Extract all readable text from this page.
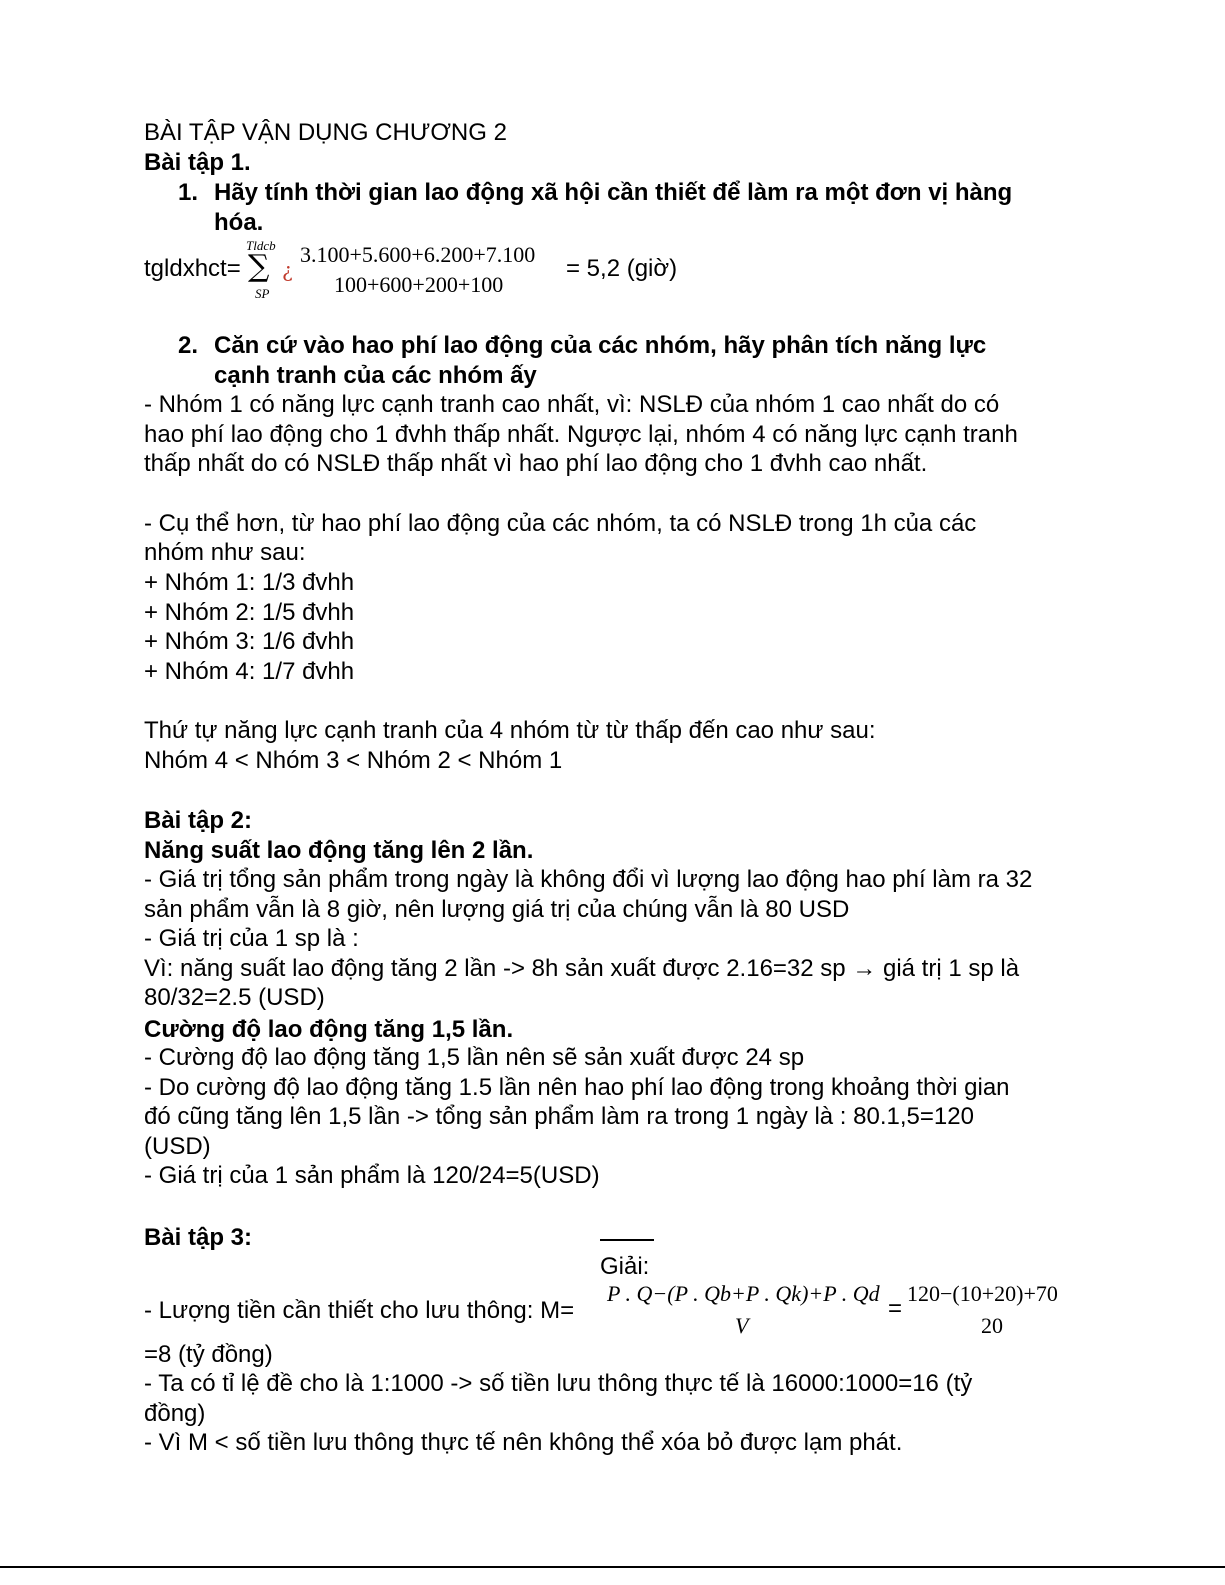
BÀI TẬP VẬN DỤNG CHƯƠNG 2
Bài tập 1.
1. Hãy tính thời gian lao động xã hội cần thiết để làm ra một đơn vị hàng
hóa.
tgldxhct=
Tldcb
∑
SP
¿
3.100+5.600+6.200+7.100
100+600+200+100
= 5,2 (giờ)
2. Căn cứ vào hao phí lao động của các nhóm, hãy phân tích năng lực
cạnh tranh của các nhóm ấy
- Nhóm 1 có năng lực cạnh tranh cao nhất, vì: NSLĐ của nhóm 1 cao nhất do có
hao phí lao động cho 1 đvhh thấp nhất. Ngược lại, nhóm 4 có năng lực cạnh tranh
thấp nhất do có NSLĐ thấp nhất vì hao phí lao động cho 1 đvhh cao nhất.
- Cụ thể hơn, từ hao phí lao động của các nhóm, ta có NSLĐ trong 1h của các
nhóm như sau:
+ Nhóm 1: 1/3 đvhh
+ Nhóm 2: 1/5 đvhh
+ Nhóm 3: 1/6 đvhh
+ Nhóm 4: 1/7 đvhh
Thứ tự năng lực cạnh tranh của 4 nhóm từ từ thấp đến cao như sau:
Nhóm 4 < Nhóm 3 < Nhóm 2 < Nhóm 1
Bài tập 2:
Năng suất lao động tăng lên 2 lần.
- Giá trị tổng sản phẩm trong ngày là không đổi vì lượng lao động hao phí làm ra 32
sản phẩm vẫn là 8 giờ, nên lượng giá trị của chúng vẫn là 80 USD
- Giá trị của 1 sp là :
Vì: năng suất lao động tăng 2 lần -> 8h sản xuất được 2.16=32 sp → giá trị 1 sp là
80/32=2.5 (USD)
Cường độ lao động tăng 1,5 lần.
- Cường độ lao động tăng 1,5 lần nên sẽ sản xuất được 24 sp
- Do cường độ lao động tăng 1.5 lần nên hao phí lao động trong khoảng thời gian
đó cũng tăng lên 1,5 lần -> tổng sản phẩm làm ra trong 1 ngày là : 80.1,5=120
(USD)
- Giá trị của 1 sản phẩm là 120/24=5(USD)
Bài tập 3:
Giải:
- Lượng tiền cần thiết cho lưu thông: M=
P . Q−(P . Qb+P . Qk)+P . Qd
V
=
120−(10+20)+70
20
=8 (tỷ đồng)
- Ta có tỉ lệ đề cho là 1:1000 -> số tiền lưu thông thực tế là 16000:1000=16 (tỷ
đồng)
- Vì M < số tiền lưu thông thực tế nên không thể xóa bỏ được lạm phát.
